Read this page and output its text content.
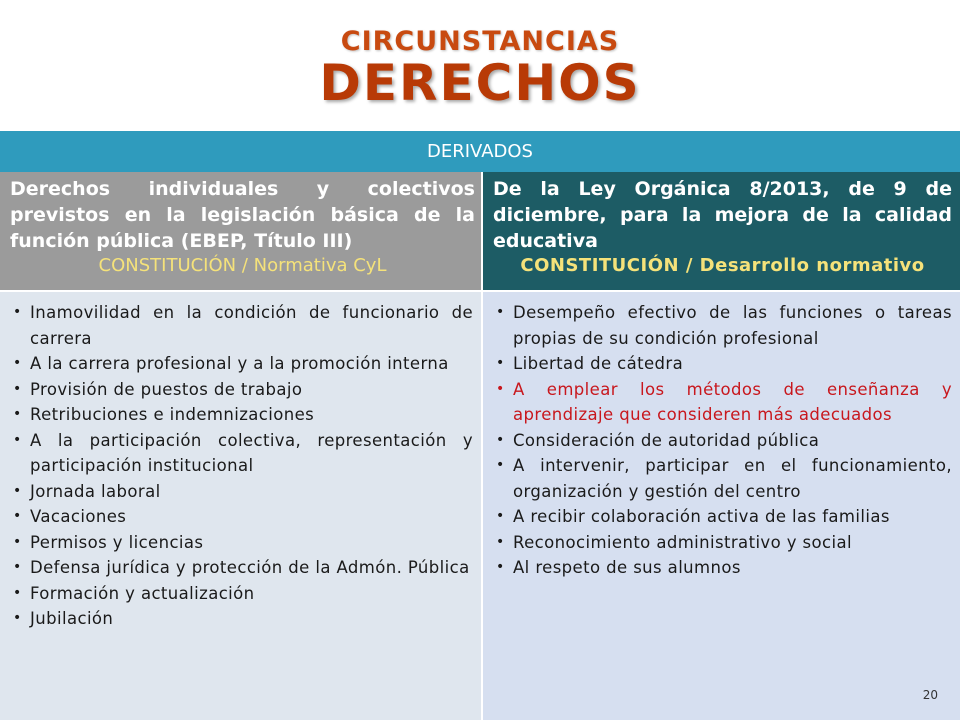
CIRCUNSTANCIAS
DERECHOS
DERIVADOS

Derechos individuales y colectivos previstos en la legislación básica de la función pública (EBEP, Título III)

CONSTITUCIÓN / Normativa CyL

De la Ley Orgánica 8/2013, de 9 de diciembre, para la mejora de la calidad educativa

CONSTITUCIÓN / Desarrollo normativo

• Inamovilidad en la condición de funcionario de carrera
• A la carrera profesional y a la promoción interna
• Provisión de puestos de trabajo
• Retribuciones e indemnizaciones
• A la participación colectiva, representación y participación institucional
• Jornada laboral
• Vacaciones
• Permisos y licencias
• Defensa jurídica y protección de la Admón. Pública
• Formación y actualización
• Jubilación
• Desempeño efectivo de las funciones o tareas propias de su condición profesional
• Libertad de cátedra
• A emplear los métodos de enseñanza y aprendizaje que consideren más adecuados
• Consideración de autoridad pública
• A intervenir, participar en el funcionamiento, organización y gestión del centro
• A recibir colaboración activa de las familias
• Reconocimiento administrativo y social
• Al respeto de sus alumnos
20
